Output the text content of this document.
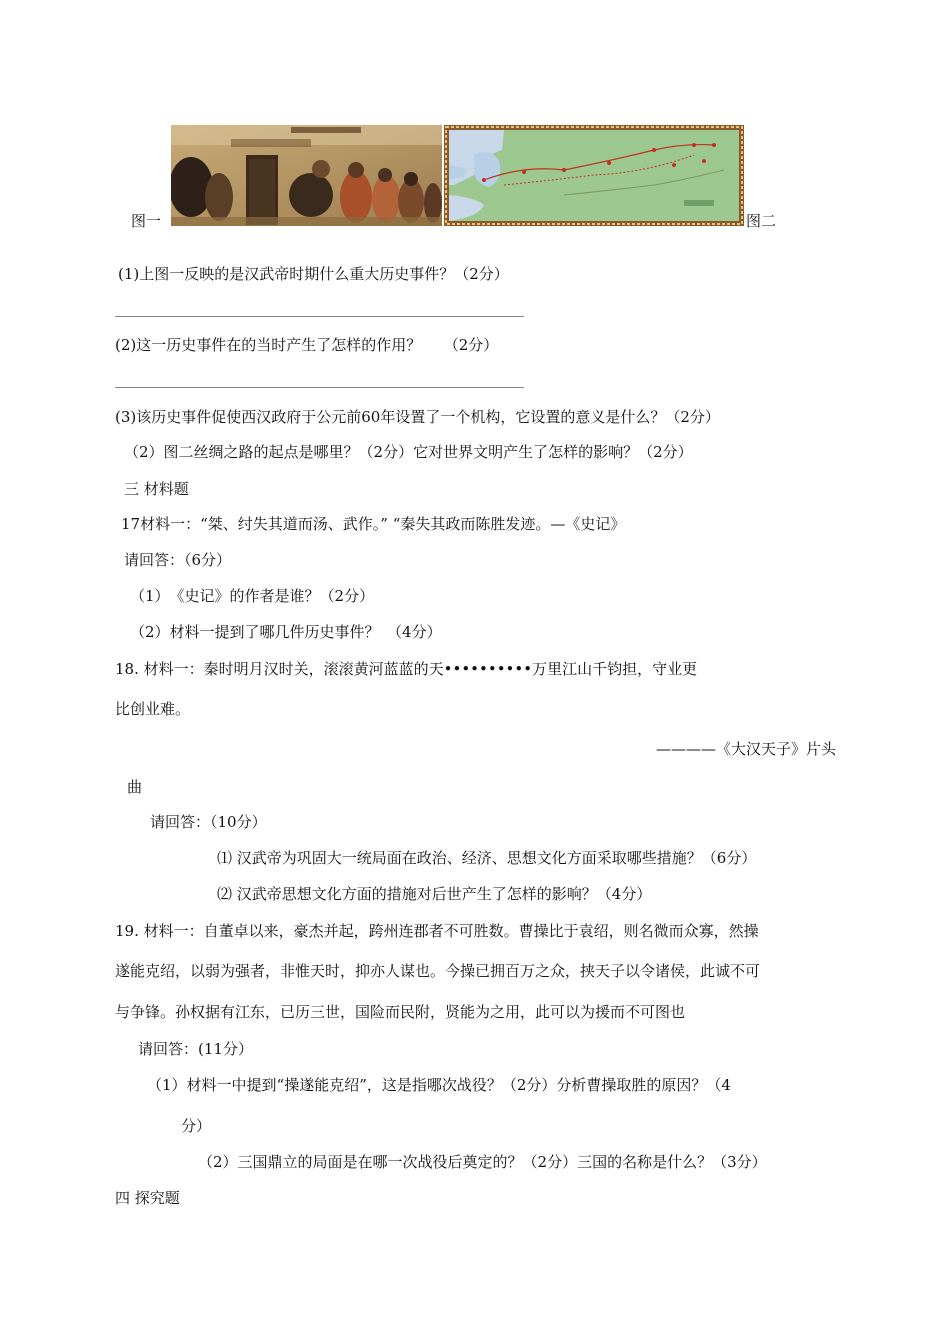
图一	图二
(1)上图一反映的是汉武帝时期什么重大历史事件？（2分）
(2)这一历史事件在的当时产生了怎样的作用？　　（2分）
(3)该历史事件促使西汉政府于公元前60年设置了一个机构，它设置的意义是什么？（2分）
（2）图二丝绸之路的起点是哪里？（2分）它对世界文明产生了怎样的影响？（2分）
三 材料题
17材料一：“桀、纣失其道而汤、武作。” “秦失其政而陈胜发迹。—《史记》
请回答：（6分）
（1）　《史记》的作者是谁？（2分）
（2）材料一提到了哪几件历史事件？　（4分）
18. 材料一：秦时明月汉时关，滚滚黄河蓝蓝的天••••••••••万里江山千钧担，守业更
比创业难。
————《大汉天子》片头
曲
请回答：（10分）
⑴ 汉武帝为巩固大一统局面在政治、经济、思想文化方面采取哪些措施？（6分）
⑵ 汉武帝思想文化方面的措施对后世产生了怎样的影响？（4分）
19. 材料一：自董卓以来，豪杰并起，跨州连郡者不可胜数。曹操比于袁绍，则名微而众寡，然操
遂能克绍，以弱为强者，非惟天时，抑亦人谋也。今操已拥百万之众，挟天子以令诸侯，此诚不可
与争锋。孙权据有江东，已历三世，国险而民附，贤能为之用，此可以为援而不可图也
请回答：(11分）
（1）材料一中提到“操遂能克绍”，这是指哪次战役？（2分）分析曹操取胜的原因？（4
分）
（2）三国鼎立的局面是在哪一次战役后奠定的？（2分）三国的名称是什么？（3分）
四 探究题
